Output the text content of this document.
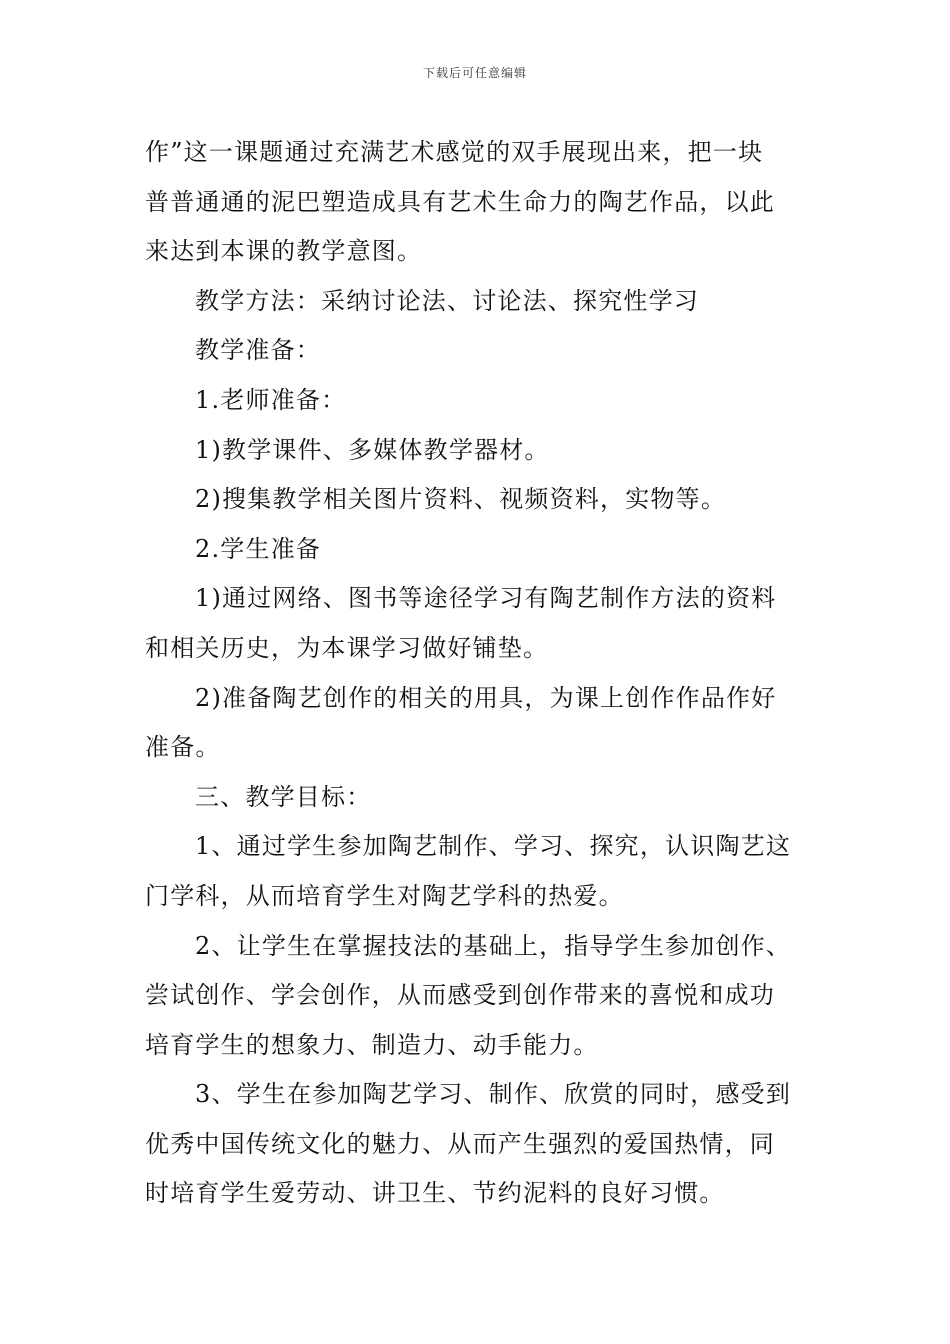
下载后可任意编辑
作”这一课题通过充满艺术感觉的双手展现出来，把一块
普普通通的泥巴塑造成具有艺术生命力的陶艺作品，以此
来达到本课的教学意图。
教学方法：采纳讨论法、讨论法、探究性学习
教学准备：
1.老师准备：
1)教学课件、多媒体教学器材。
2)搜集教学相关图片资料、视频资料，实物等。
2.学生准备
1)通过网络、图书等途径学习有陶艺制作方法的资料
和相关历史，为本课学习做好铺垫。
2)准备陶艺创作的相关的用具，为课上创作作品作好
准备。
三、教学目标：
1、通过学生参加陶艺制作、学习、探究，认识陶艺这
门学科，从而培育学生对陶艺学科的热爱。
2、让学生在掌握技法的基础上，指导学生参加创作、
尝试创作、学会创作，从而感受到创作带来的喜悦和成功
培育学生的想象力、制造力、动手能力。
3、学生在参加陶艺学习、制作、欣赏的同时，感受到
优秀中国传统文化的魅力、从而产生强烈的爱国热情，同
时培育学生爱劳动、讲卫生、节约泥料的良好习惯。
